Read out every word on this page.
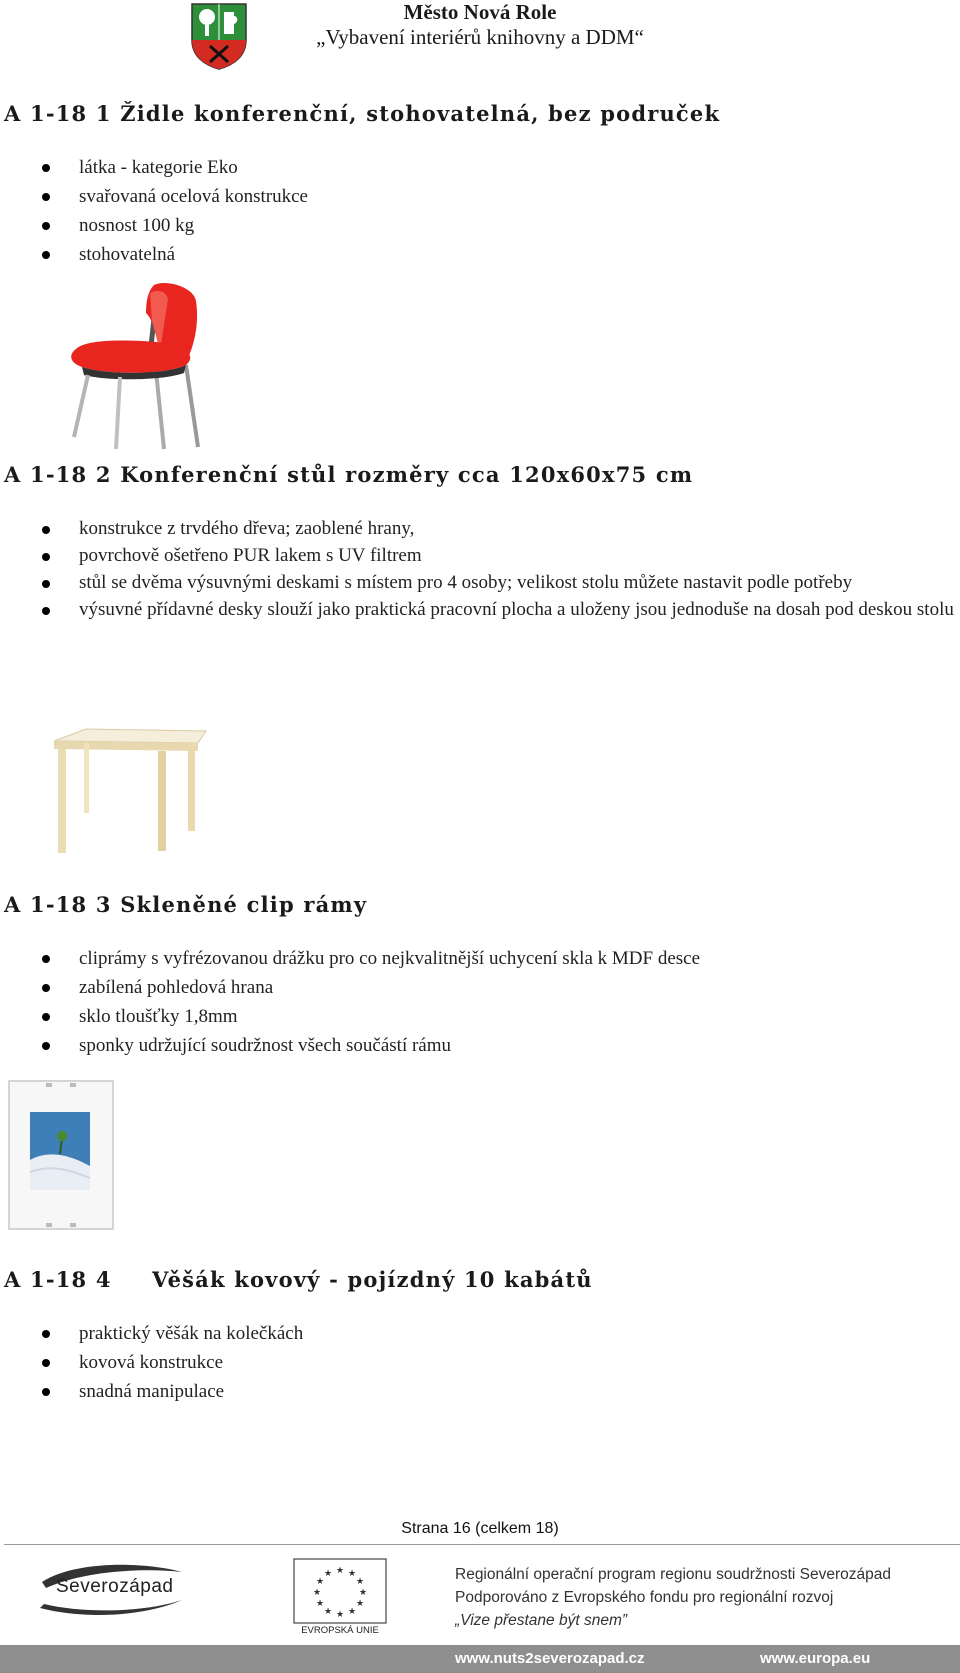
Město Nová Role
„Vybavení interiérů knihovny a DDM“
A 1-18 1 Židle konferenční, stohovatelná, bez područek
látka - kategorie Eko
svařovaná ocelová konstrukce
nosnost 100 kg
stohovatelná
A 1-18 2 Konferenční stůl rozměry cca 120x60x75 cm
konstrukce z trvdého dřeva; zaoblené hrany,
povrchově ošetřeno PUR lakem s UV filtrem
stůl se dvěma výsuvnými deskami s místem pro 4 osoby; velikost stolu můžete nastavit podle potřeby
výsuvné přídavné desky slouží jako praktická pracovní plocha a uloženy jsou jednoduše na dosah pod deskou stolu
A 1-18 3 Skleněné clip rámy
cliprámy s vyfrézovanou drážku pro co nejkvalitnější uchycení skla k MDF desce
zabílená pohledová hrana
sklo tloušťky 1,8mm
sponky udržující soudržnost všech součástí rámu
A 1-18 4 Věšák kovový - pojízdný 10 kabátů
praktický věšák na kolečkách
kovová konstrukce
snadná manipulace
Strana 16 (celkem 18)
Severozápad
★ ★
★
★
★
★
★
★
★
★
★
★
EVROPSKÁ UNIE
Regionální operační program regionu soudržnosti Severozápad
Podporováno z Evropského fondu pro regionální rozvoj
„Vize přestane být snem”
www.nuts2severozapad.cz	www.europa.eu
